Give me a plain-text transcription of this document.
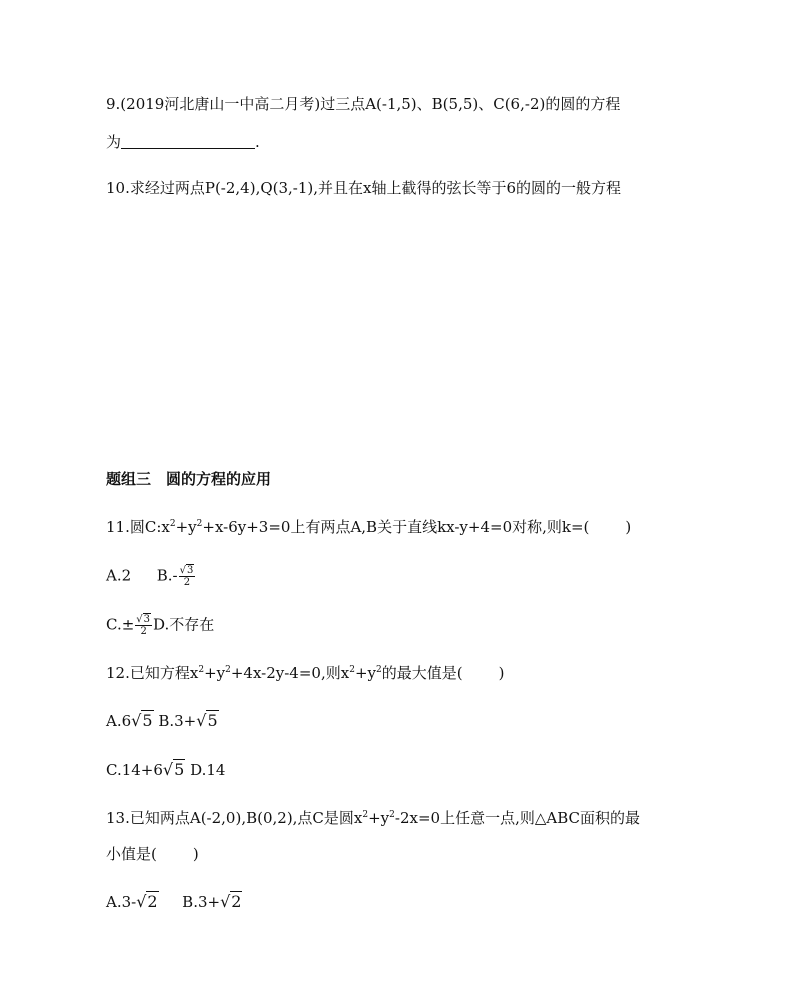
9.(2019河北唐山一中高二月考)过三点A(-1,5)、B(5,5)、C(6,-2)的圆的方程
为	.
10.求经过两点P(-2,4),Q(3,-1),并且在x轴上截得的弦长等于6的圆的一般方程
题组三　圆的方程的应用
11.圆$C:x^2+y^2+x-6y+3=0$上有两点A,B关于直线kx-y+4=0对称,则k=( )
A.2 $B.- \frac{√3}{2}$
$C.\pm \frac{√3}{2} D$.不存在
12.已知方程$x^2+y^2+4x-2y-4=0$,则$x^2+y^2$的最大值是( )
A.6√5 B.3+√5
C.14+6√5 D.14
13.已知两点A(-2,0),B(0,2),点C是圆$x^2+y^2-2x=0$上任意一点,则△ABC面积的最
小值是( )
A.3-√2 B.3+√2
